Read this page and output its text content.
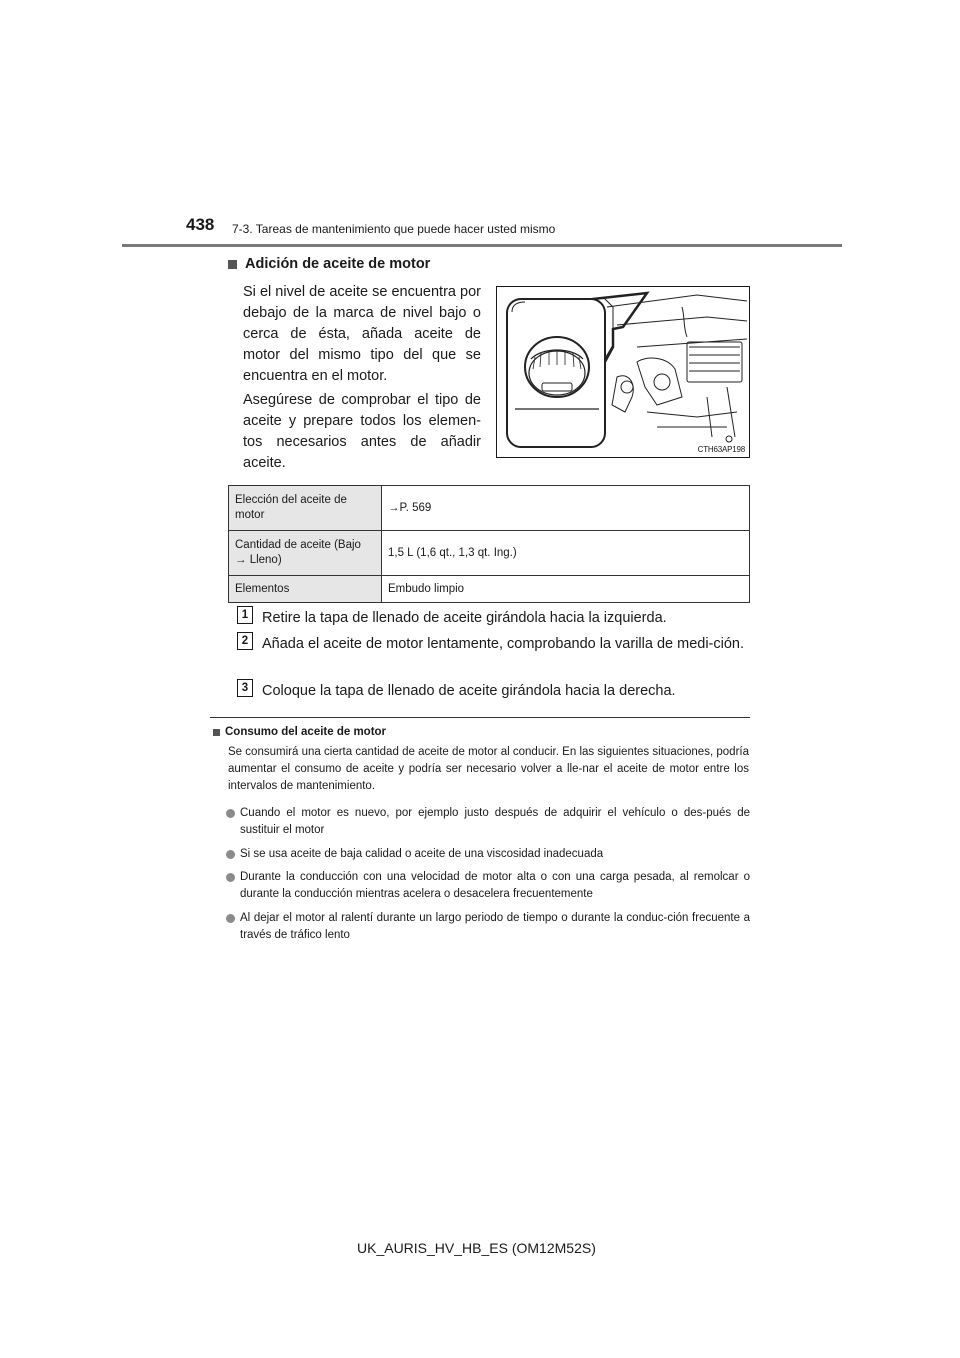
438 7-3. Tareas de mantenimiento que puede hacer usted mismo
Adición de aceite de motor

Si el nivel de aceite se encuentra por debajo de la marca de nivel bajo o cerca de ésta, añada aceite de motor del mismo tipo del que se encuentra en el motor.

Asegúrese de comprobar el tipo de aceite y prepare todos los elemen-tos necesarios antes de añadir aceite.

CTH63AP198
Elección del aceite de motor	→P. 569
Cantidad de aceite (Bajo → Lleno)	1,5 L (1,6 qt., 1,3 qt. Ing.)
Elementos	Embudo limpio
1 Retire la tapa de llenado de aceite girándola hacia la izquierda.
2 Añada el aceite de motor lentamente, comprobando la varilla de medi-ción.
3 Coloque la tapa de llenado de aceite girándola hacia la derecha.
Consumo del aceite de motor

Se consumirá una cierta cantidad de aceite de motor al conducir. En las siguientes situaciones, podría aumentar el consumo de aceite y podría ser necesario volver a lle-nar el aceite de motor entre los intervalos de mantenimiento.

Cuando el motor es nuevo, por ejemplo justo después de adquirir el vehículo o des-pués de sustituir el motor
Si se usa aceite de baja calidad o aceite de una viscosidad inadecuada
Durante la conducción con una velocidad de motor alta o con una carga pesada, al remolcar o durante la conducción mientras acelera o desacelera frecuentemente
Al dejar el motor al ralentí durante un largo periodo de tiempo o durante la conduc-ción frecuente a través de tráfico lento
UK_AURIS_HV_HB_ES (OM12M52S)
